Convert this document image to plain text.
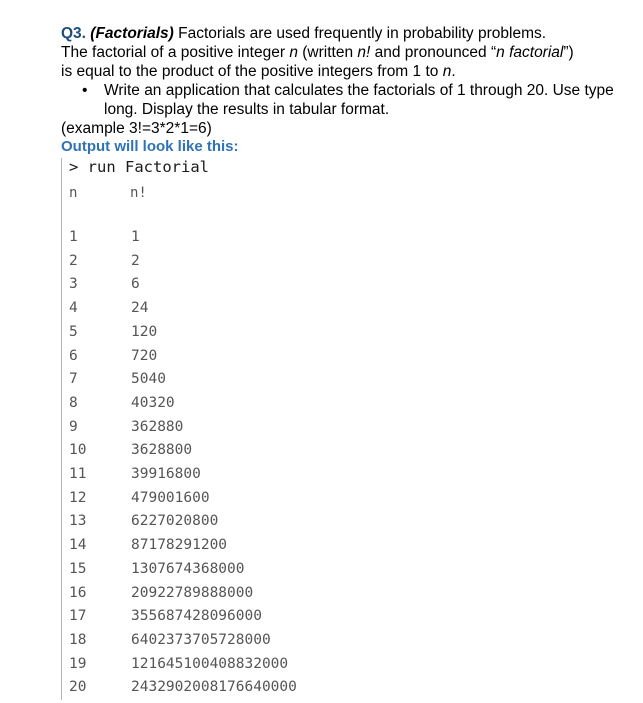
Q3. (Factorials) Factorials are used frequently in probability problems.

The factorial of a positive integer n (written n! and pronounced “n factorial”)

is equal to the product of the positive integers from 1 to n.

• Write an application that calculates the factorials of 1 through 20. Use type long. Display the results in tabular format.

(example 3!=3*2*1=6)

Output will look like this:
> run Factorial
n	n!
1	1
2	2
3	6
4	24
5	120
6	720
7	5040
8	40320
9	362880
10	3628800
11	39916800
12	479001600
13	6227020800
14	87178291200
15	1307674368000
16	20922789888000
17	355687428096000
18	6402373705728000
19	121645100408832000
20	2432902008176640000
